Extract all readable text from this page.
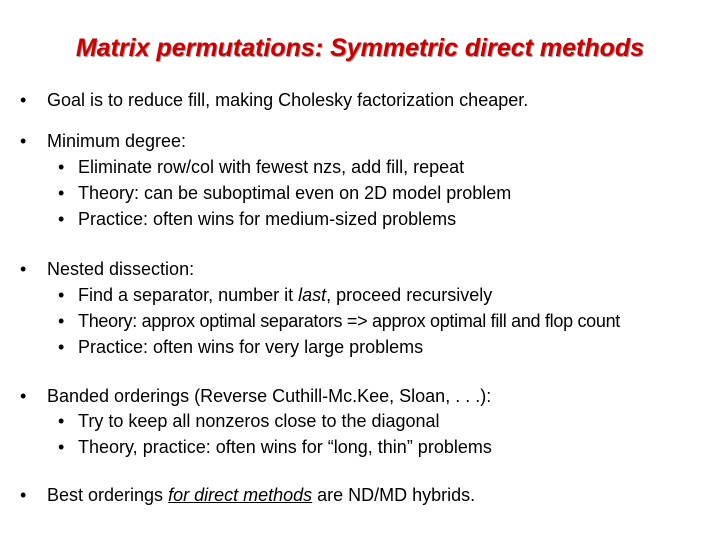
Matrix permutations: Symmetric direct methods
• Goal is to reduce fill, making Cholesky factorization cheaper.
• Minimum degree:
• Eliminate row/col with fewest nzs, add fill, repeat
• Theory: can be suboptimal even on 2D model problem
• Practice: often wins for medium-sized problems
• Nested dissection:
• Find a separator, number it last, proceed recursively
• Theory: approx optimal separators => approx optimal fill and flop count
• Practice: often wins for very large problems
• Banded orderings (Reverse Cuthill-Mc.Kee, Sloan, . . .):
• Try to keep all nonzeros close to the diagonal
• Theory, practice: often wins for “long, thin” problems
• Best orderings for direct methods are ND/MD hybrids.
